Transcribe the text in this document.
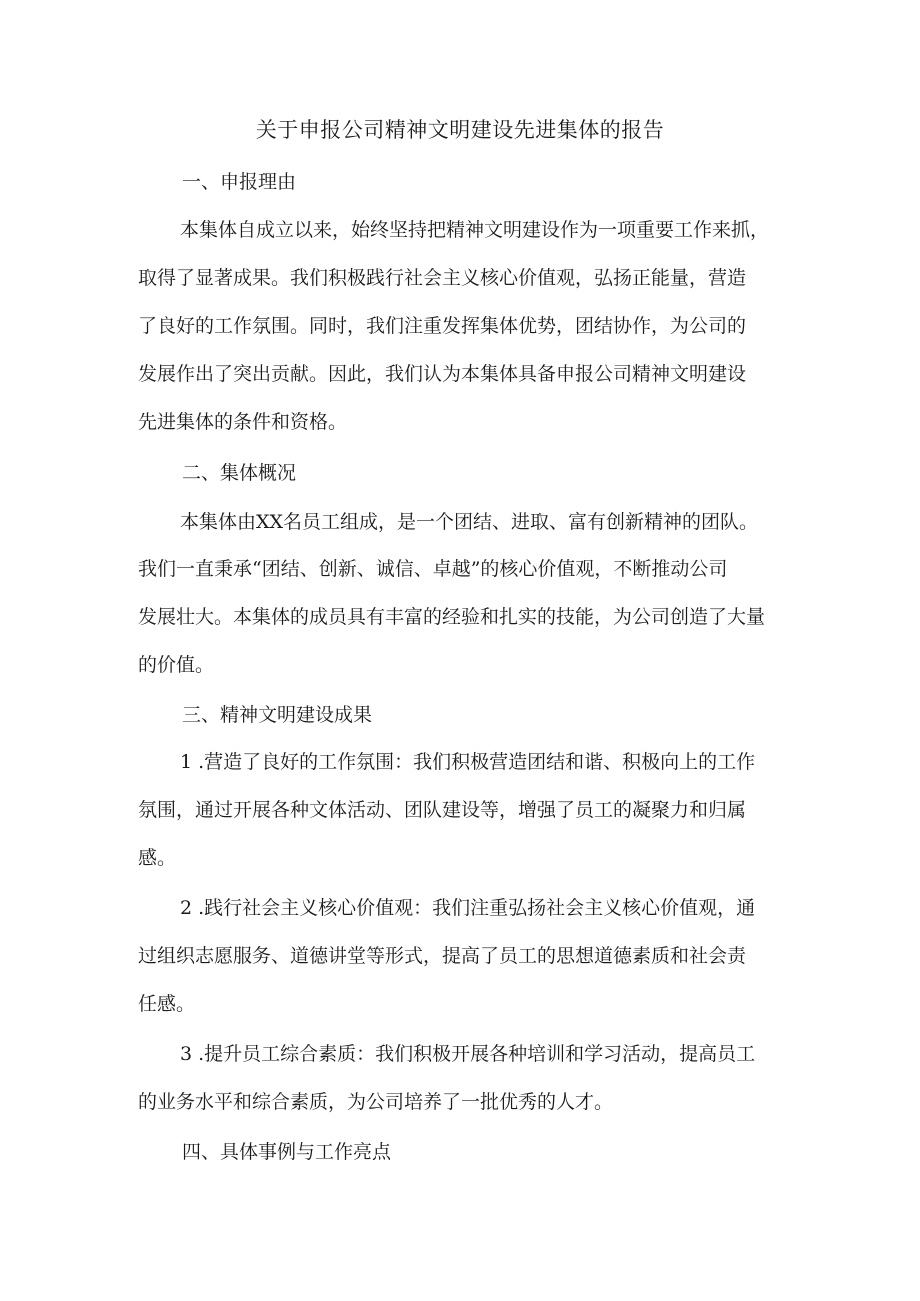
关于申报公司精神文明建设先进集体的报告
一、申报理由

本集体自成立以来，始终坚持把精神文明建设作为一项重要工作来抓，

取得了显著成果。我们积极践行社会主义核心价值观，弘扬正能量，营造

了良好的工作氛围。同时，我们注重发挥集体优势，团结协作，为公司的

发展作出了突出贡献。因此，我们认为本集体具备申报公司精神文明建设

先进集体的条件和资格。

二、集体概况

本集体由XX名员工组成，是一个团结、进取、富有创新精神的团队。

我们一直秉承“团结、创新、诚信、卓越”的核心价值观，不断推动公司

发展壮大。本集体的成员具有丰富的经验和扎实的技能，为公司创造了大量

的价值。

三、精神文明建设成果

1 .营造了良好的工作氛围：我们积极营造团结和谐、积极向上的工作

氛围，通过开展各种文体活动、团队建设等，增强了员工的凝聚力和归属

感。

2 .践行社会主义核心价值观：我们注重弘扬社会主义核心价值观，通

过组织志愿服务、道德讲堂等形式，提高了员工的思想道德素质和社会责

任感。

3 .提升员工综合素质：我们积极开展各种培训和学习活动，提高员工

的业务水平和综合素质，为公司培养了一批优秀的人才。

四、具体事例与工作亮点
